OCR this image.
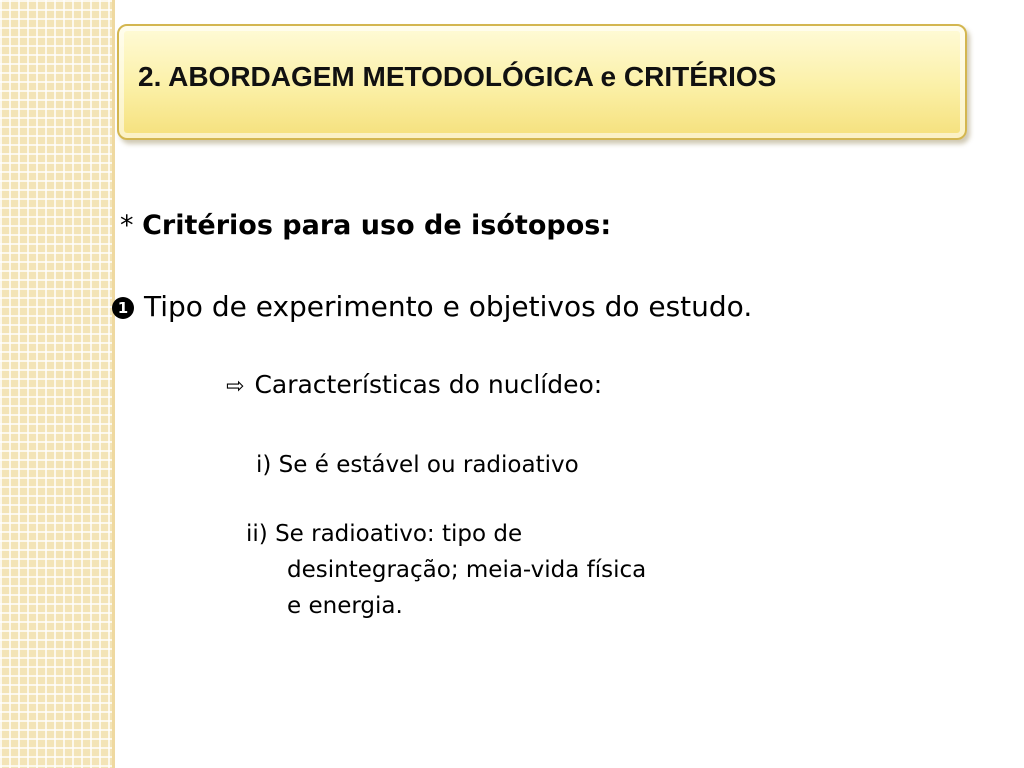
2. ABORDAGEM METODOLÓGICA e CRITÉRIOS
* Critérios para uso de isótopos:
1 Tipo de experimento e objetivos do estudo.
⇨ Características do nuclídeo:
i) Se é estável ou radioativo
ii) Se radioativo: tipo de
desintegração; meia-vida física
e energia.
